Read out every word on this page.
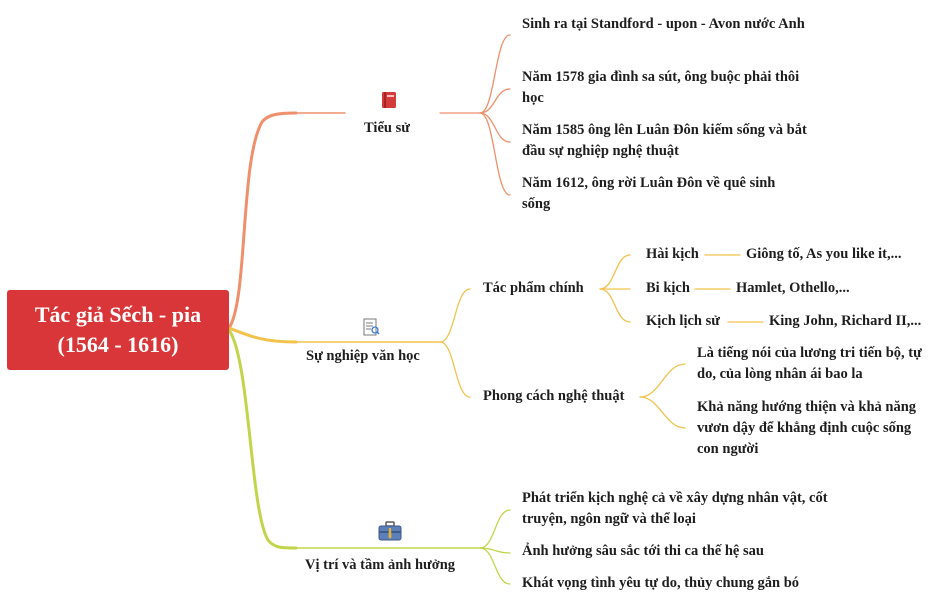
Tác giả Sếch - pia (1564 - 1616)
Tiểu sử
Sinh ra tại Standford - upon - Avon nước Anh
Năm 1578 gia đình sa sút, ông buộc phải thôi học
Năm 1585 ông lên Luân Đôn kiếm sống và bắt đầu sự nghiệp nghệ thuật
Năm 1612, ông rời Luân Đôn về quê sinh sống
Sự nghiệp văn học
Tác phẩm chính
Hài kịch	Giông tố, As you like it,...
Bi kịch	Hamlet, Othello,...
Kịch lịch sử	King John, Richard II,...
Phong cách nghệ thuật
Là tiếng nói của lương tri tiến bộ, tự do, của lòng nhân ái bao la
Khả năng hướng thiện và khả năng vươn dậy để khẳng định cuộc sống con người
Vị trí và tầm ảnh hưởng
Phát triển kịch nghệ cả về xây dựng nhân vật, cốt truyện, ngôn ngữ và thể loại
Ảnh hưởng sâu sắc tới thi ca thế hệ sau
Khát vọng tình yêu tự do, thủy chung gắn bó
